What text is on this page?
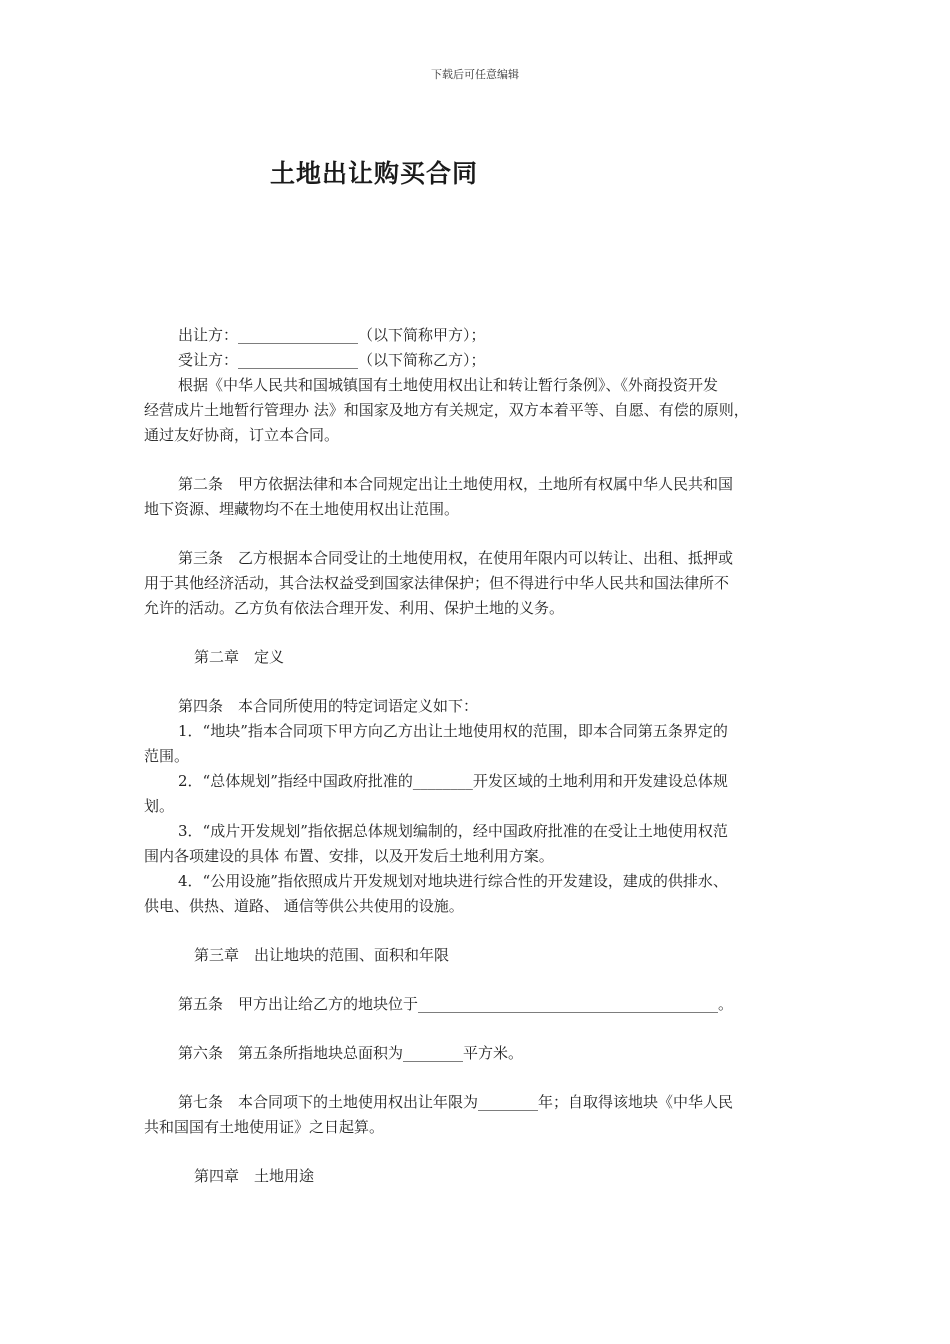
下载后可任意编辑
土地出让购买合同
出让方：________________（以下简称甲方）；
受让方：________________（以下简称乙方）；
根据《中华人民共和国城镇国有土地使用权出让和转让暂行条例》、《外商投资开发
经营成片土地暂行管理办 法》和国家及地方有关规定，双方本着平等、自愿、有偿的原则，
通过友好协商，订立本合同。
第二条　甲方依据法律和本合同规定出让土地使用权，土地所有权属中华人民共和国
地下资源、埋藏物均不在土地使用权出让范围。
第三条　乙方根据本合同受让的土地使用权，在使用年限内可以转让、出租、抵押或
用于其他经济活动，其合法权益受到国家法律保护；但不得进行中华人民共和国法律所不
允许的活动。乙方负有依法合理开发、利用、保护土地的义务。
第二章　定义
第四条　本合同所使用的特定词语定义如下：
1．“地块”指本合同项下甲方向乙方出让土地使用权的范围，即本合同第五条界定的
范围。
2．“总体规划”指经中国政府批准的________开发区域的土地利用和开发建设总体规
划。
3．“成片开发规划”指依据总体规划编制的，经中国政府批准的在受让土地使用权范
围内各项建设的具体 布置、安排，以及开发后土地利用方案。
4．“公用设施”指依照成片开发规划对地块进行综合性的开发建设，建成的供排水、
供电、供热、道路、 通信等供公共使用的设施。
第三章　出让地块的范围、面积和年限
第五条　甲方出让给乙方的地块位于________________________________________。
第六条　第五条所指地块总面积为________平方米。
第七条　本合同项下的土地使用权出让年限为________年；自取得该地块《中华人民
共和国国有土地使用证》之日起算。
第四章　土地用途
